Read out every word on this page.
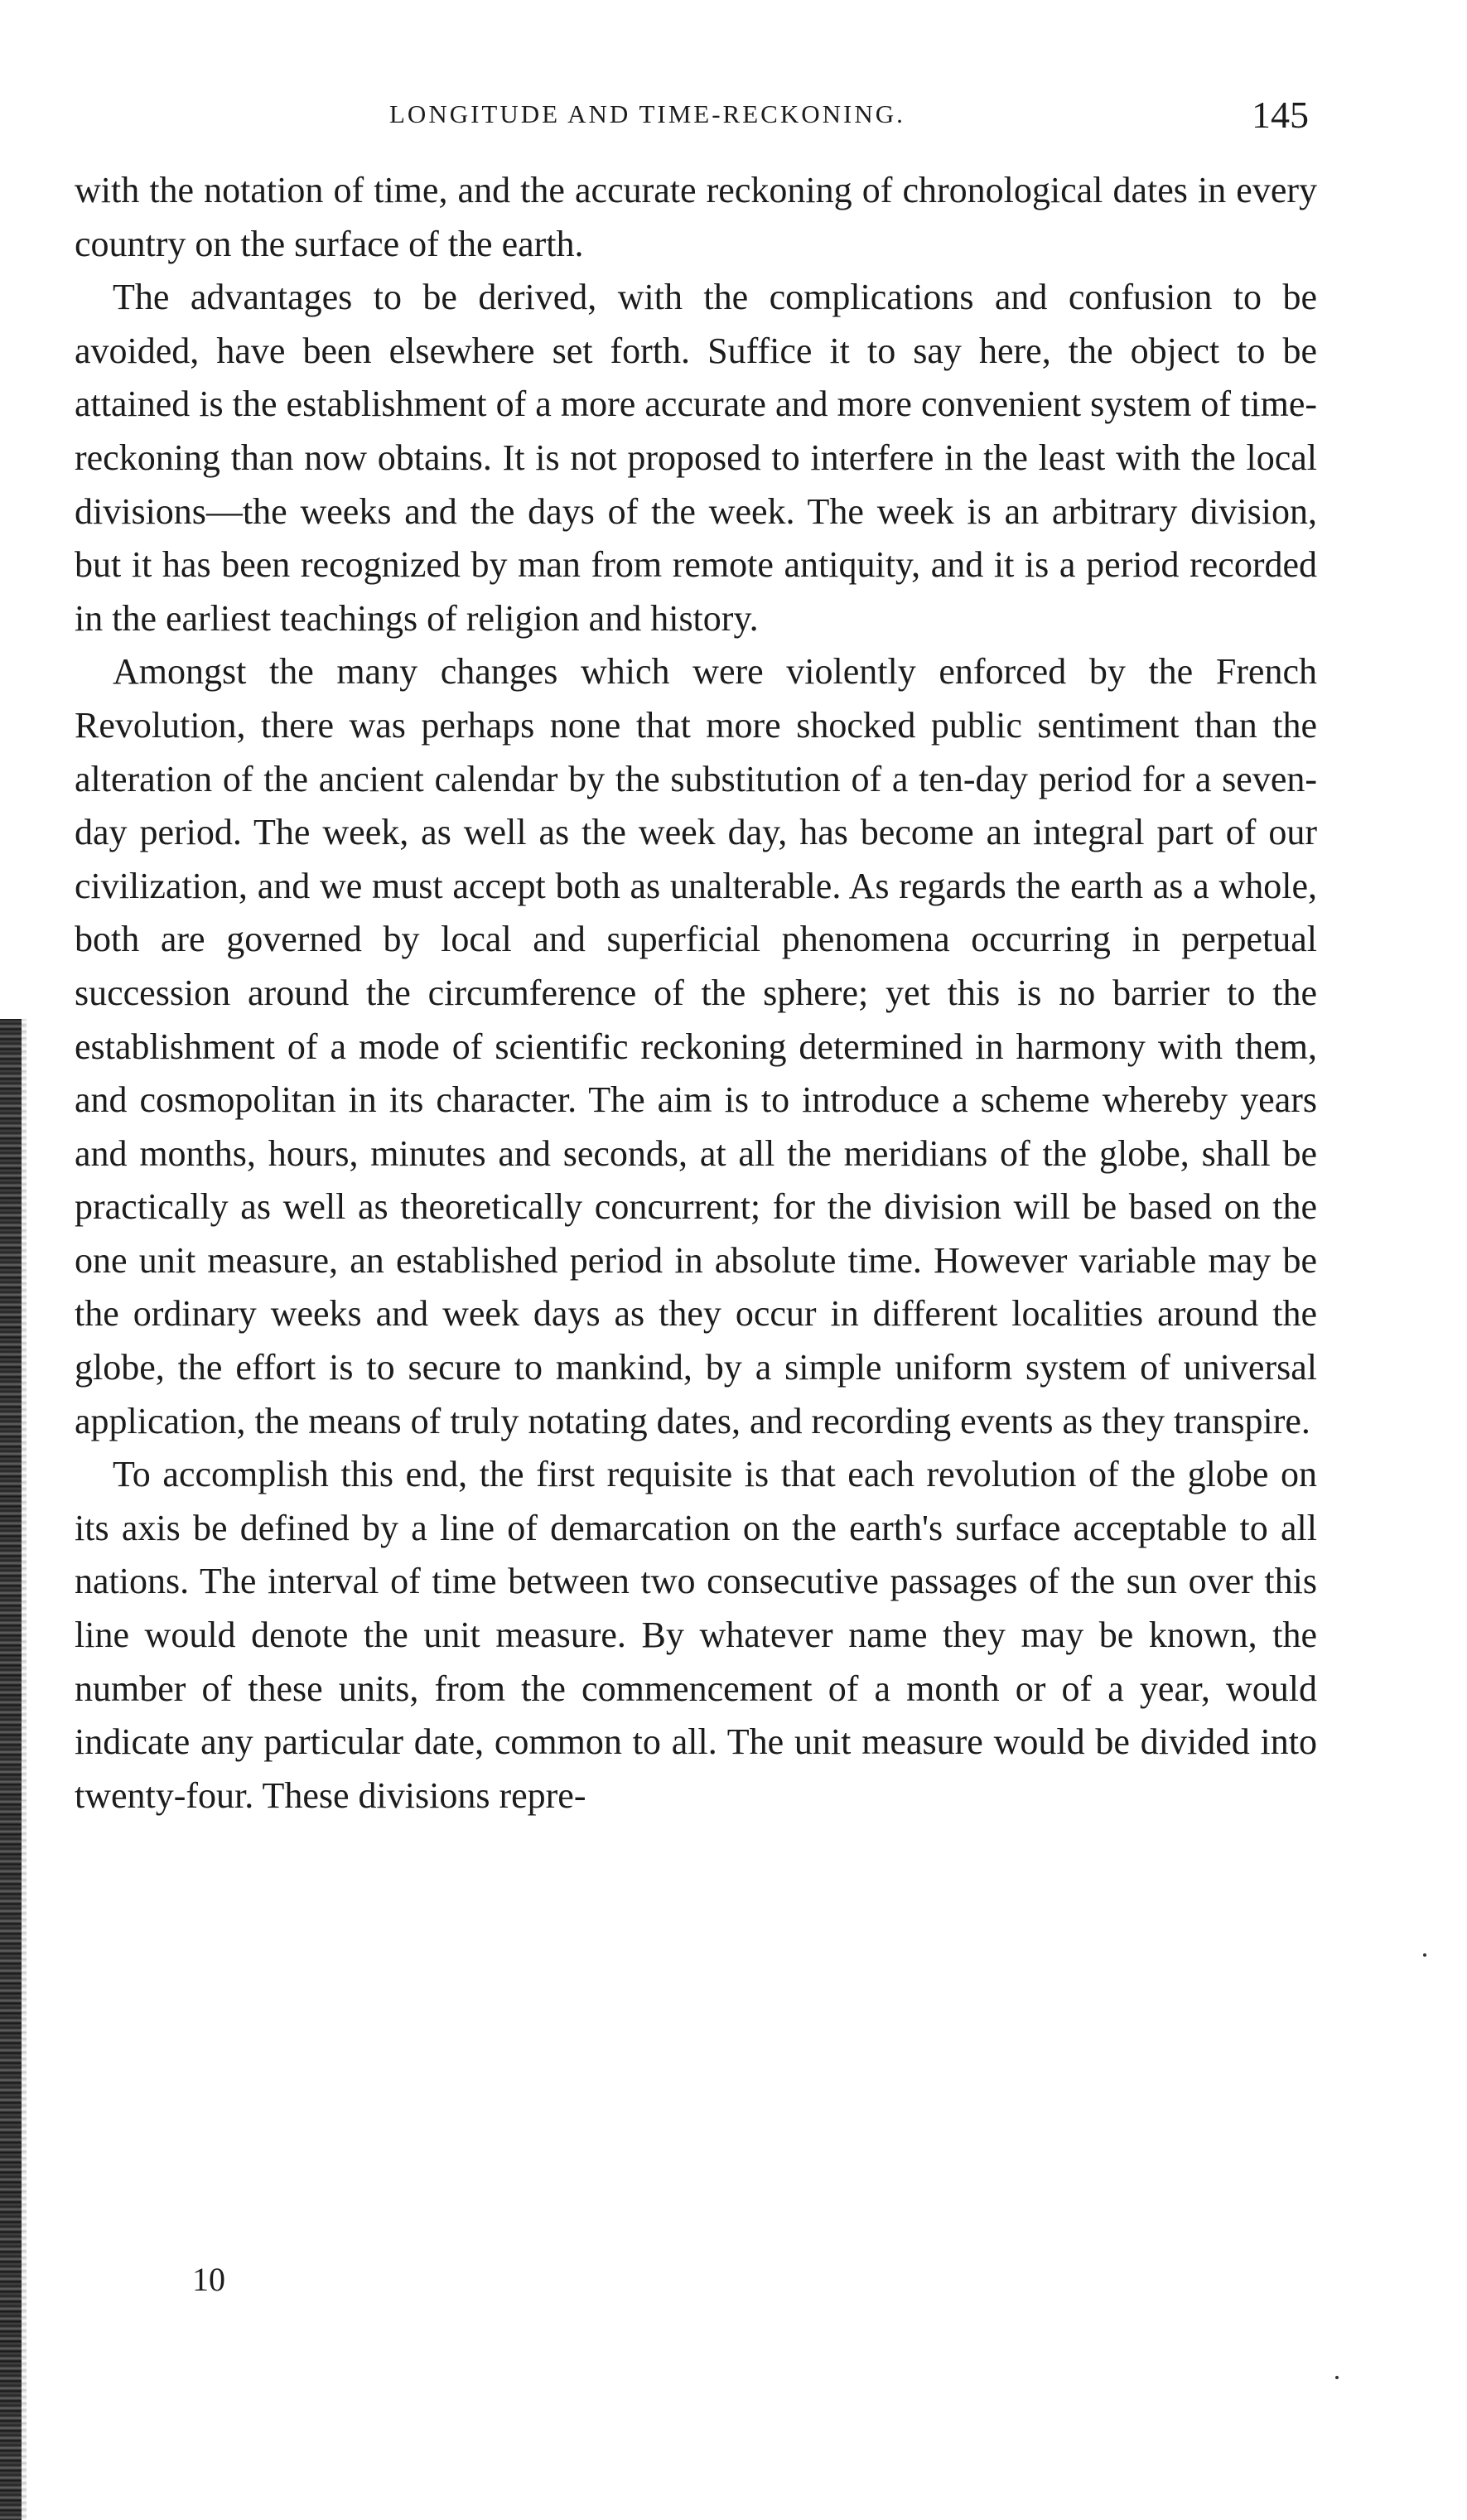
LONGITUDE AND TIME-RECKONING.	145

with the notation of time, and the accurate reckoning of chronological dates in every country on the surface of the earth.

The advantages to be derived, with the complications and confusion to be avoided, have been elsewhere set forth. Suffice it to say here, the object to be attained is the establishment of a more accurate and more convenient system of time-reckoning than now obtains. It is not proposed to interfere in the least with the local divisions—the weeks and the days of the week. The week is an arbitrary division, but it has been recognized by man from remote antiquity, and it is a period recorded in the earliest teachings of religion and history.

Amongst the many changes which were violently enforced by the French Revolution, there was perhaps none that more shocked public sentiment than the alteration of the ancient calendar by the substitution of a ten-day period for a seven-day period. The week, as well as the week day, has become an integral part of our civilization, and we must accept both as unalterable. As regards the earth as a whole, both are governed by local and superficial phenomena occurring in perpetual succession around the circumference of the sphere; yet this is no barrier to the establishment of a mode of scientific reckoning determined in harmony with them, and cosmopolitan in its character. The aim is to introduce a scheme whereby years and months, hours, minutes and seconds, at all the meridians of the globe, shall be practically as well as theoretically concurrent; for the division will be based on the one unit measure, an established period in absolute time. However variable may be the ordinary weeks and week days as they occur in different localities around the globe, the effort is to secure to mankind, by a simple uniform system of universal application, the means of truly notating dates, and recording events as they transpire.

To accomplish this end, the first requisite is that each revolution of the globe on its axis be defined by a line of demarcation on the earth's surface acceptable to all nations. The interval of time between two consecutive passages of the sun over this line would denote the unit measure. By whatever name they may be known, the number of these units, from the commencement of a month or of a year, would indicate any particular date, common to all. The unit measure would be divided into twenty-four. These divisions repre-

10
